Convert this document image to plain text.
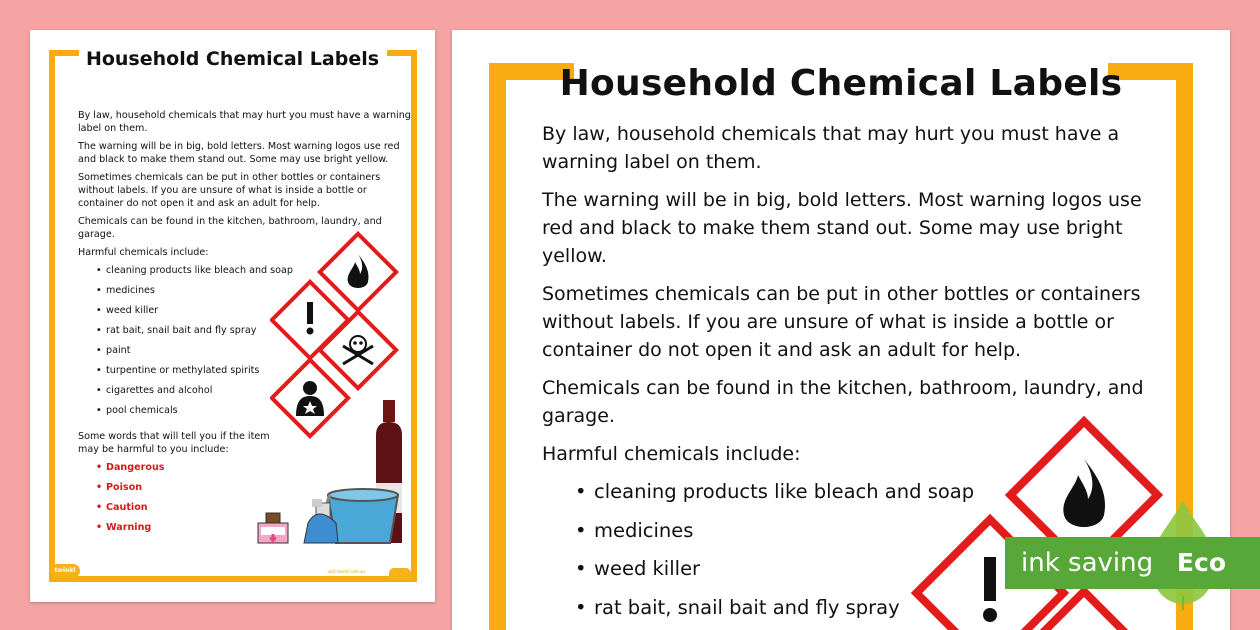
Household Chemical Labels

By law, household chemicals that may hurt you must have a warning label on them.

The warning will be in big, bold letters. Most warning logos use red and black to make them stand out. Some may use bright yellow.

Sometimes chemicals can be put in other bottles or containers without labels. If you are unsure of what is inside a bottle or container do not open it and ask an adult for help.

Chemicals can be found in the kitchen, bathroom, laundry, and garage.

Harmful chemicals include:

• cleaning products like bleach and soap
• medicines
• weed killer
• rat bait, snail bait and fly spray
• paint
• turpentine or methylated spirits
• cigarettes and alcohol
• pool chemicals

Some words that will tell you if the item may be harmful to you include:

• Dangerous
• Poison
• Caution
• Warning
twinkl	visit twinkl.com.au
Household Chemical Labels

By law, household chemicals that may hurt you must have a warning label on them.

The warning will be in big, bold letters. Most warning logos use red and black to make them stand out. Some may use bright yellow.

Sometimes chemicals can be put in other bottles or containers without labels. If you are unsure of what is inside a bottle or container do not open it and ask an adult for help.

Chemicals can be found in the kitchen, bathroom, laundry, and garage.

Harmful chemicals include:

• cleaning products like bleach and soap
• medicines
• weed killer
• rat bait, snail bait and fly spray
ink saving Eco
